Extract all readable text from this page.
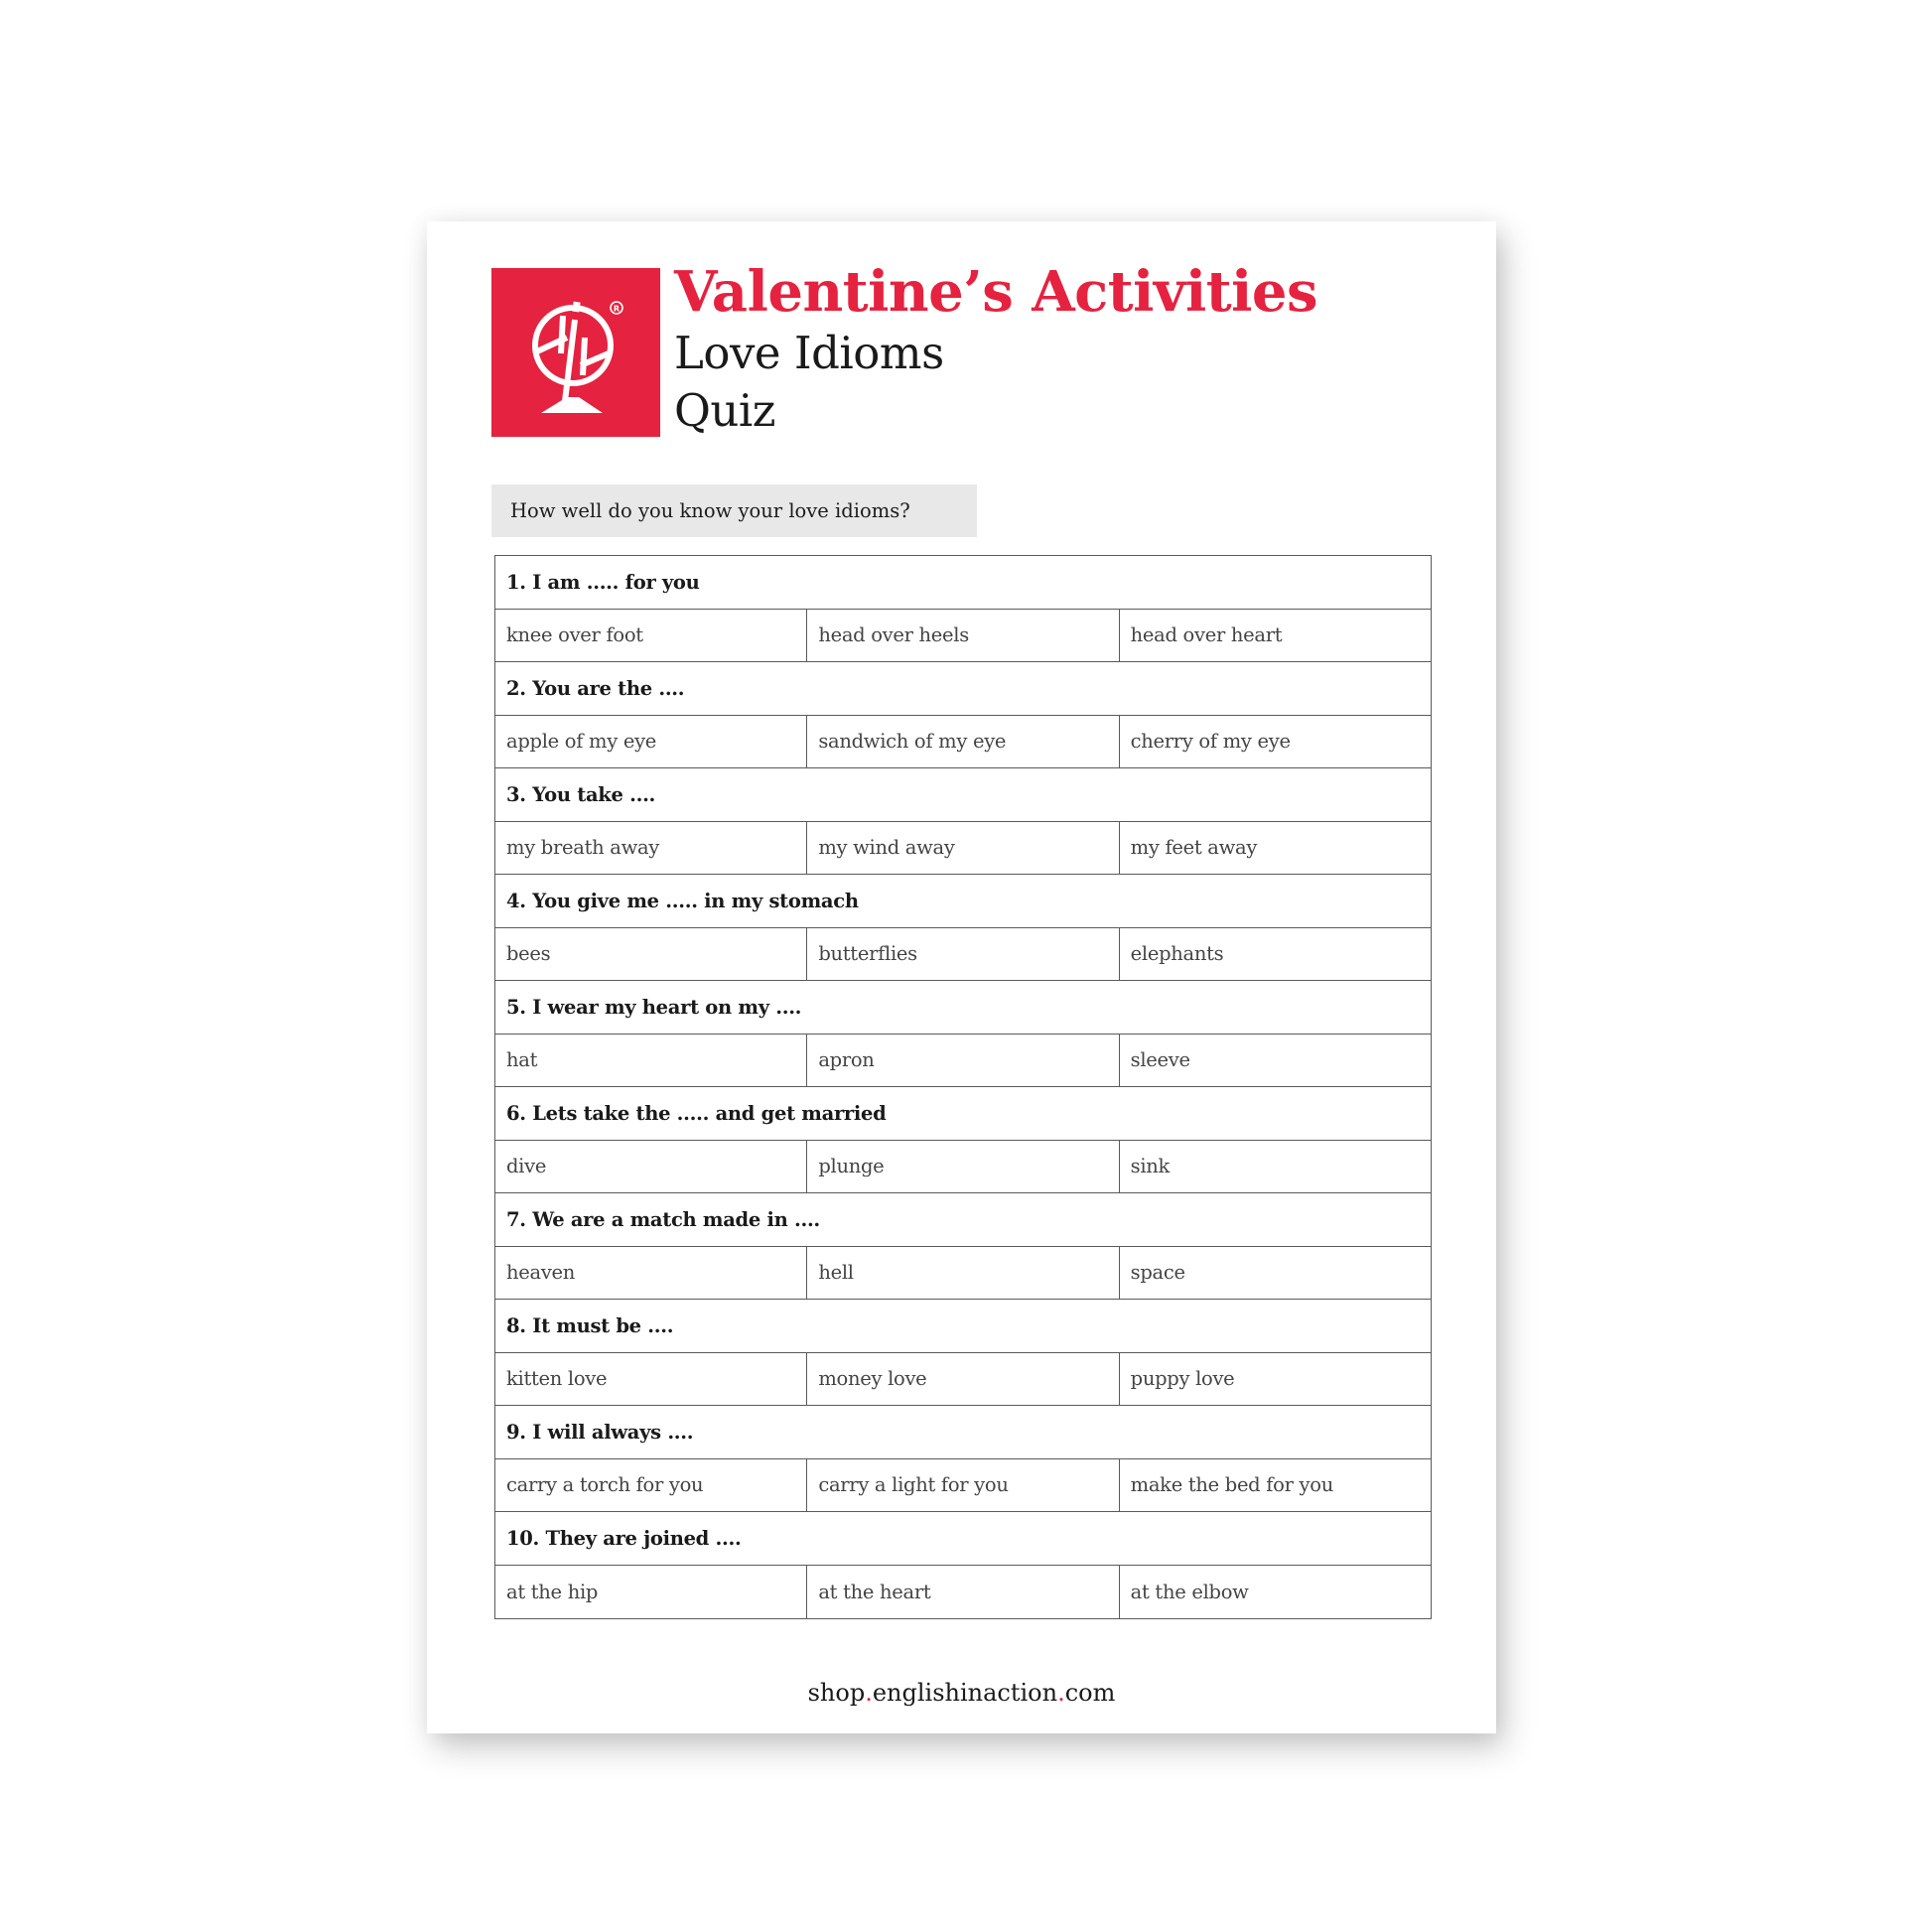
R Valentine’s Activities
Love Idioms
Quiz
How well do you know your love idioms?
1. I am ..... for you
knee over foot	head over heels	head over heart
2. You are the ....
apple of my eye	sandwich of my eye	cherry of my eye
3. You take ....
my breath away	my wind away	my feet away
4. You give me ..... in my stomach
bees	butterflies	elephants
5. I wear my heart on my ....
hat	apron	sleeve
6. Lets take the ..... and get married
dive	plunge	sink
7. We are a match made in ....
heaven	hell	space
8. It must be ....
kitten love	money love	puppy love
9. I will always ....
carry a torch for you	carry a light for you	make the bed for you
10. They are joined ....
at the hip	at the heart	at the elbow
shop.englishinaction.com
